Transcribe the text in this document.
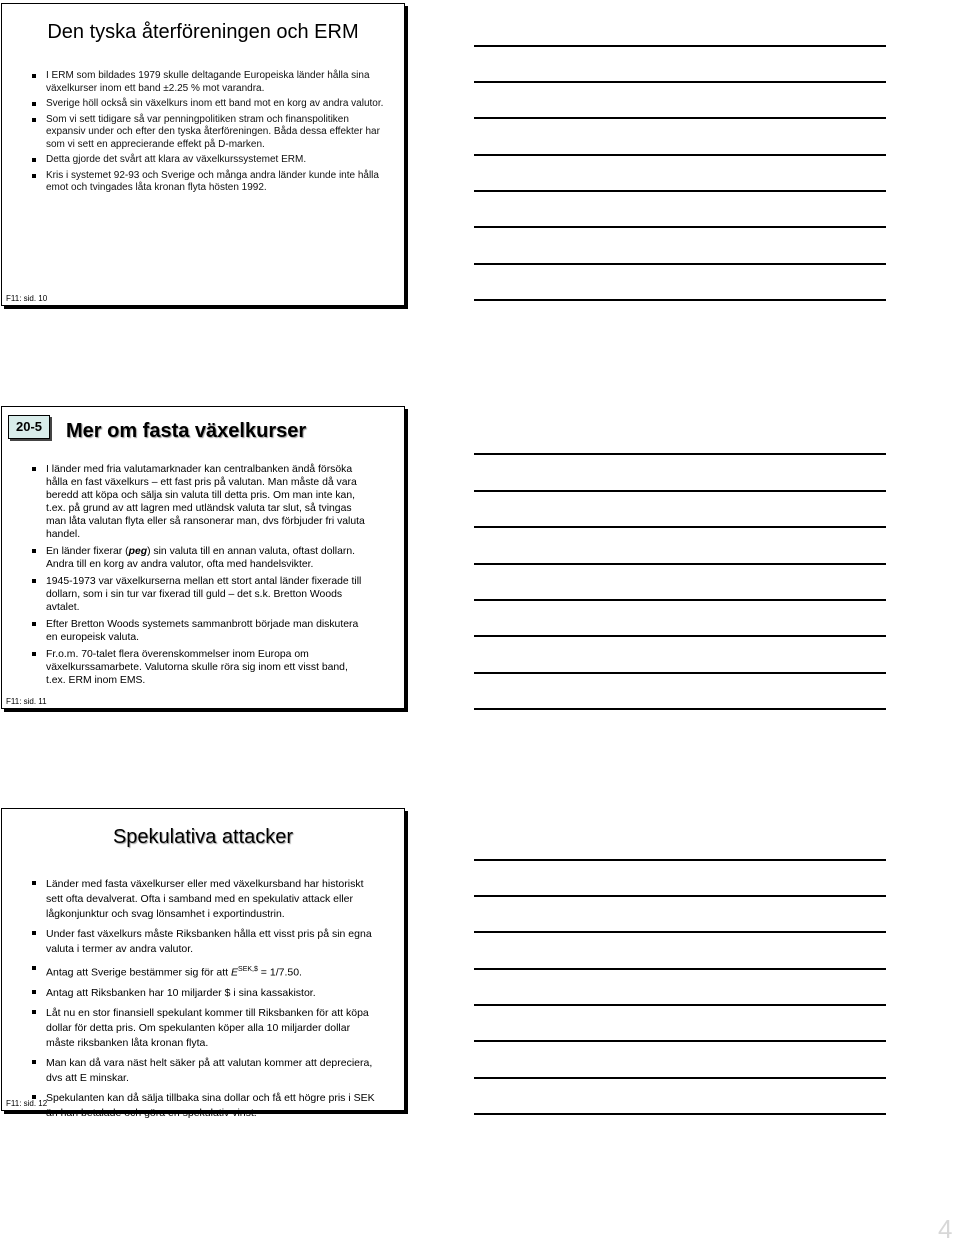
Den tyska återföreningen och ERM
I ERM som bildades 1979 skulle deltagande Europeiska länder hålla sina växelkurser inom ett band ±2.25 % mot varandra.
Sverige höll också sin växelkurs inom ett band mot en korg av andra valutor.
Som vi sett tidigare så var penningpolitiken stram och finanspolitiken expansiv under och efter den tyska återföreningen. Båda dessa effekter har som vi sett en apprecierande effekt på D-marken.
Detta gjorde det svårt att klara av växelkurssystemet ERM.
Kris i systemet 92-93 och Sverige och många andra länder kunde inte hålla emot och tvingades låta kronan flyta hösten 1992.
F11: sid. 10
20-5	Mer om fasta växelkurser
I länder med fria valutamarknader kan centralbanken ändå försöka hålla en fast växelkurs – ett fast pris på valutan. Man måste då vara beredd att köpa och sälja sin valuta till detta pris. Om man inte kan, t.ex. på grund av att lagren med utländsk valuta tar slut, så tvingas man låta valutan flyta eller så ransonerar man, dvs förbjuder fri valuta handel.
En länder fixerar (peg) sin valuta till en annan valuta, oftast dollarn. Andra till en korg av andra valutor, ofta med handelsvikter.
1945-1973 var växelkurserna mellan ett stort antal länder fixerade till dollarn, som i sin tur var fixerad till guld – det s.k. Bretton Woods avtalet.
Efter Bretton Woods systemets sammanbrott började man diskutera en europeisk valuta.
Fr.o.m. 70-talet flera överenskommelser inom Europa om växelkurssamarbete. Valutorna skulle röra sig inom ett visst band, t.ex. ERM inom EMS.
F11: sid. 11
Spekulativa attacker
Länder med fasta växelkurser eller med växelkursband har historiskt sett ofta devalverat. Ofta i samband med en spekulativ attack eller lågkonjunktur och svag lönsamhet i exportindustrin.
Under fast växelkurs måste Riksbanken hålla ett visst pris på sin egna valuta i termer av andra valutor.
Antag att Sverige bestämmer sig för att $E^{SEK,\$} = 1/7.50$.
Antag att Riksbanken har 10 miljarder $ i sina kassakistor.
Låt nu en stor finansiell spekulant kommer till Riksbanken för att köpa dollar för detta pris. Om spekulanten köper alla 10 miljarder dollar måste riksbanken låta kronan flyta.
Man kan då vara näst helt säker på att valutan kommer att depreciera, dvs att E minskar.
Spekulanten kan då sälja tillbaka sina dollar och få ett högre pris i SEK än han betalade och göra en spekulativ vinst.
F11: sid. 12
4
